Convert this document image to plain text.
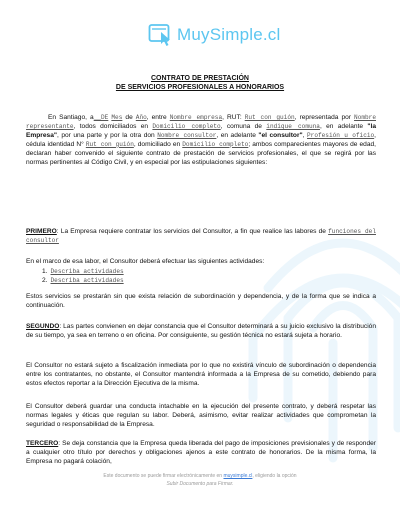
MuySimple.cl
CONTRATO DE PRESTACIÓN
DE SERVICIOS PROFESIONALES A HONORARIOS
En Santiago, a__DE Mes de Año, entre Nombre empresa, RUT: Rut con guión, representada por Nombre representante, todos domiciliados en Domicilio completo, comuna de indique comuna, en adelante "la Empresa", por una parte y por la otra don Nombre consultor, en adelante "el consultor", Profesión u oficio, cédula identidad N° Rut con guión, domiciliado en Domicilio completo; ambos comparecientes mayores de edad, declaran haber convenido el siguiente contrato de prestación de servicios profesionales, el que se regirá por las normas pertinentes al Código Civil, y en especial por las estipulaciones siguientes:
PRIMERO: La Empresa requiere contratar los servicios del Consultor, a fin que realice las labores de funciones del consultor
En el marco de esa labor, el Consultor deberá efectuar las siguientes actividades:
1. Describa actividades
2. Describa actividades
Estos servicios se prestarán sin que exista relación de subordinación y dependencia, y de la forma que se indica a continuación.
SEGUNDO: Las partes convienen en dejar constancia que el Consultor determinará a su juicio exclusivo la distribución de su tiempo, ya sea en terreno o en oficina. Por consiguiente, su gestión técnica no estará sujeta a horario.
El Consultor no estará sujeto a fiscalización inmediata por lo que no existirá vínculo de subordinación o dependencia entre los contratantes, no obstante, el Consultor mantendrá informada a la Empresa de su cometido, debiendo para estos efectos reportar a la Dirección Ejecutiva de la misma.
El Consultor deberá guardar una conducta intachable en la ejecución del presente contrato, y deberá respetar las normas legales y éticas que regulan su labor. Deberá, asimismo, evitar realizar actividades que comprometan la seguridad o responsabilidad de la Empresa.
TERCERO: Se deja constancia que la Empresa queda liberada del pago de imposiciones previsionales y de responder a cualquier otro título por derechos y obligaciones ajenos a este contrato de honorarios. De la misma forma, la Empresa no pagará colación,
Este documento se puede firmar electrónicamente en muysimple.cl, eligiendo la opción
Subir Documento para Firmar.
